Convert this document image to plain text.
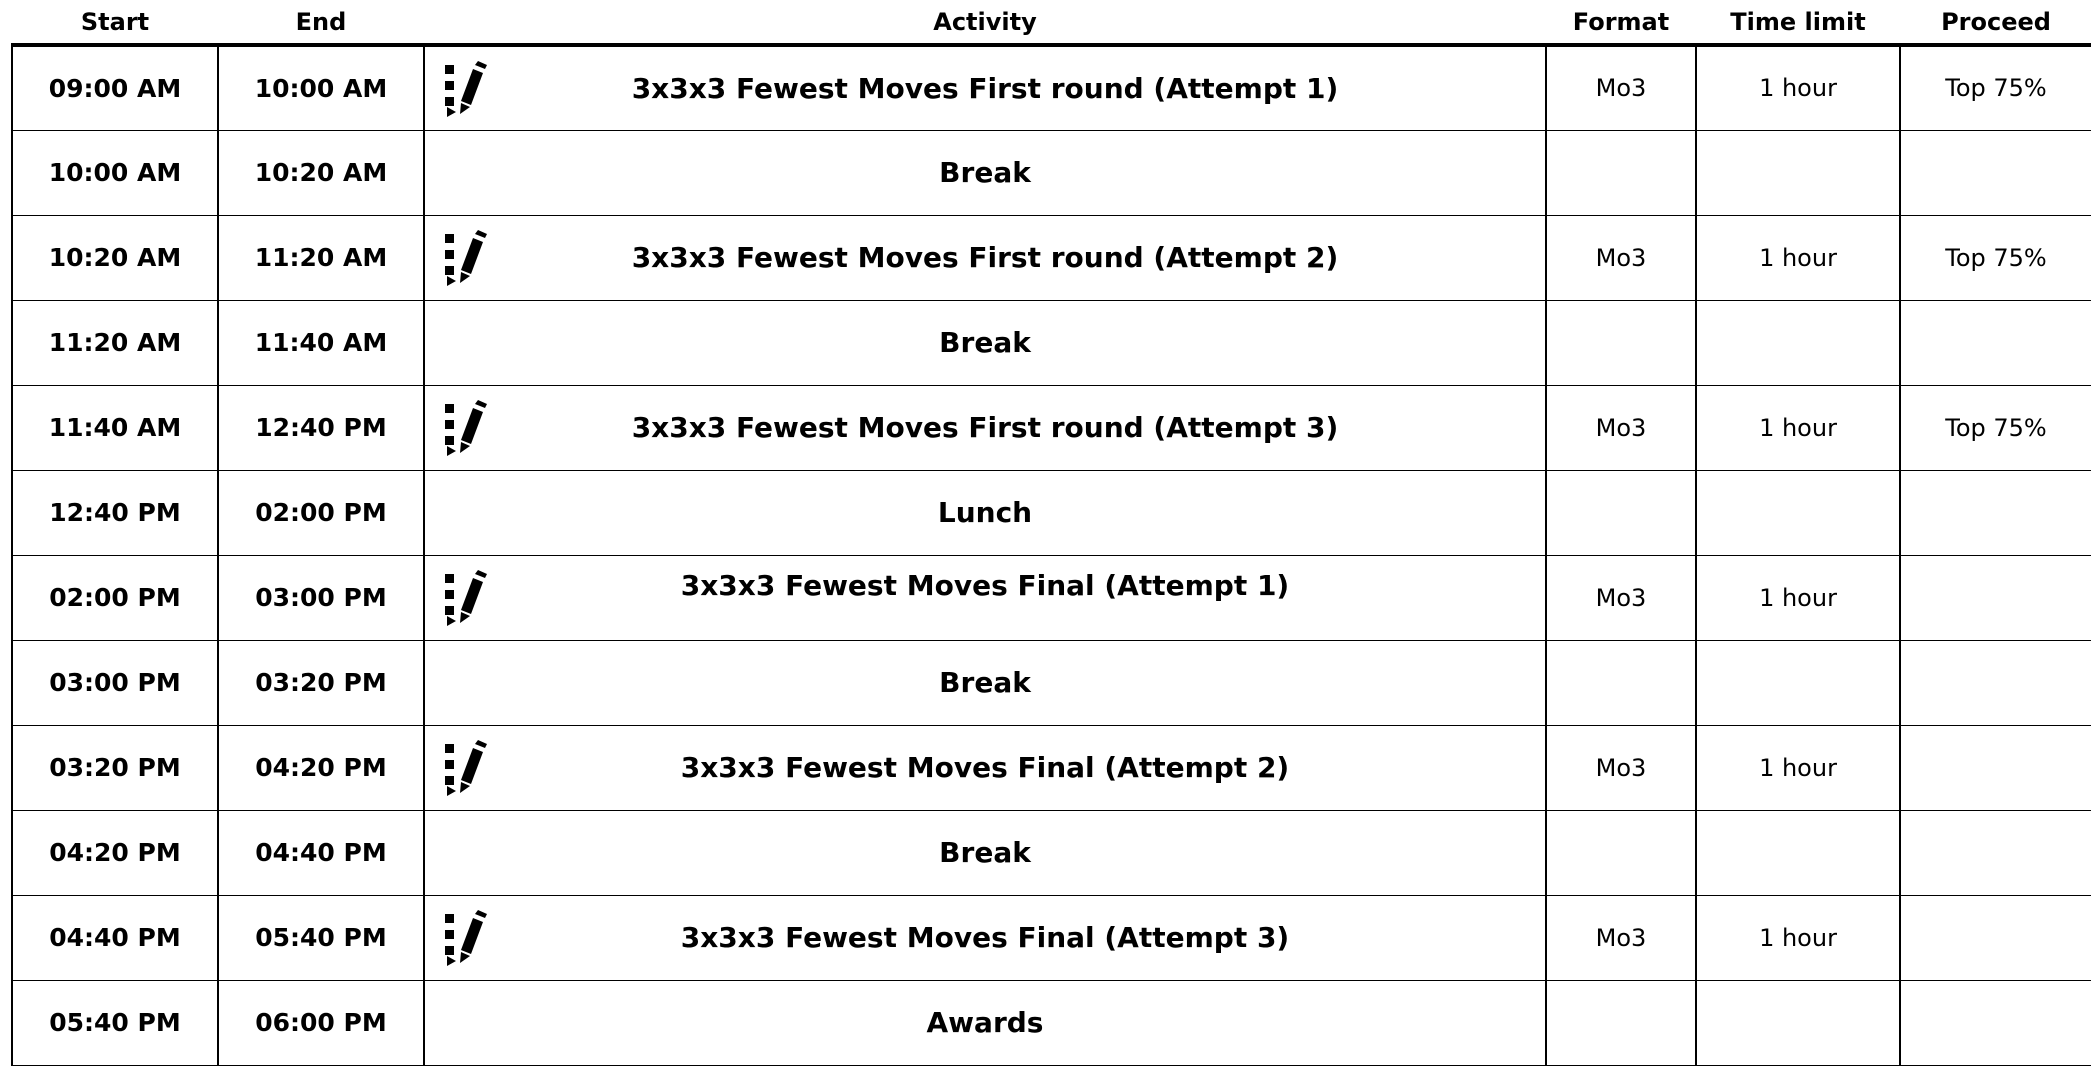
Start	End	Activity	Format	Time limit	Proceed
09:00 AM	10:00 AM	3x3x3 Fewest Moves First round (Attempt 1)	Mo3	1 hour	Top 75%
10:00 AM	10:20 AM	Break			
10:20 AM	11:20 AM	3x3x3 Fewest Moves First round (Attempt 2)	Mo3	1 hour	Top 75%
11:20 AM	11:40 AM	Break			
11:40 AM	12:40 PM	3x3x3 Fewest Moves First round (Attempt 3)	Mo3	1 hour	Top 75%
12:40 PM	02:00 PM	Lunch			
02:00 PM	03:00 PM	3x3x3 Fewest Moves Final (Attempt 1)	Mo3	1 hour	
03:00 PM	03:20 PM	Break			
03:20 PM	04:20 PM	3x3x3 Fewest Moves Final (Attempt 2)	Mo3	1 hour	
04:20 PM	04:40 PM	Break			
04:40 PM	05:40 PM	3x3x3 Fewest Moves Final (Attempt 3)	Mo3	1 hour	
05:40 PM	06:00 PM	Awards			
